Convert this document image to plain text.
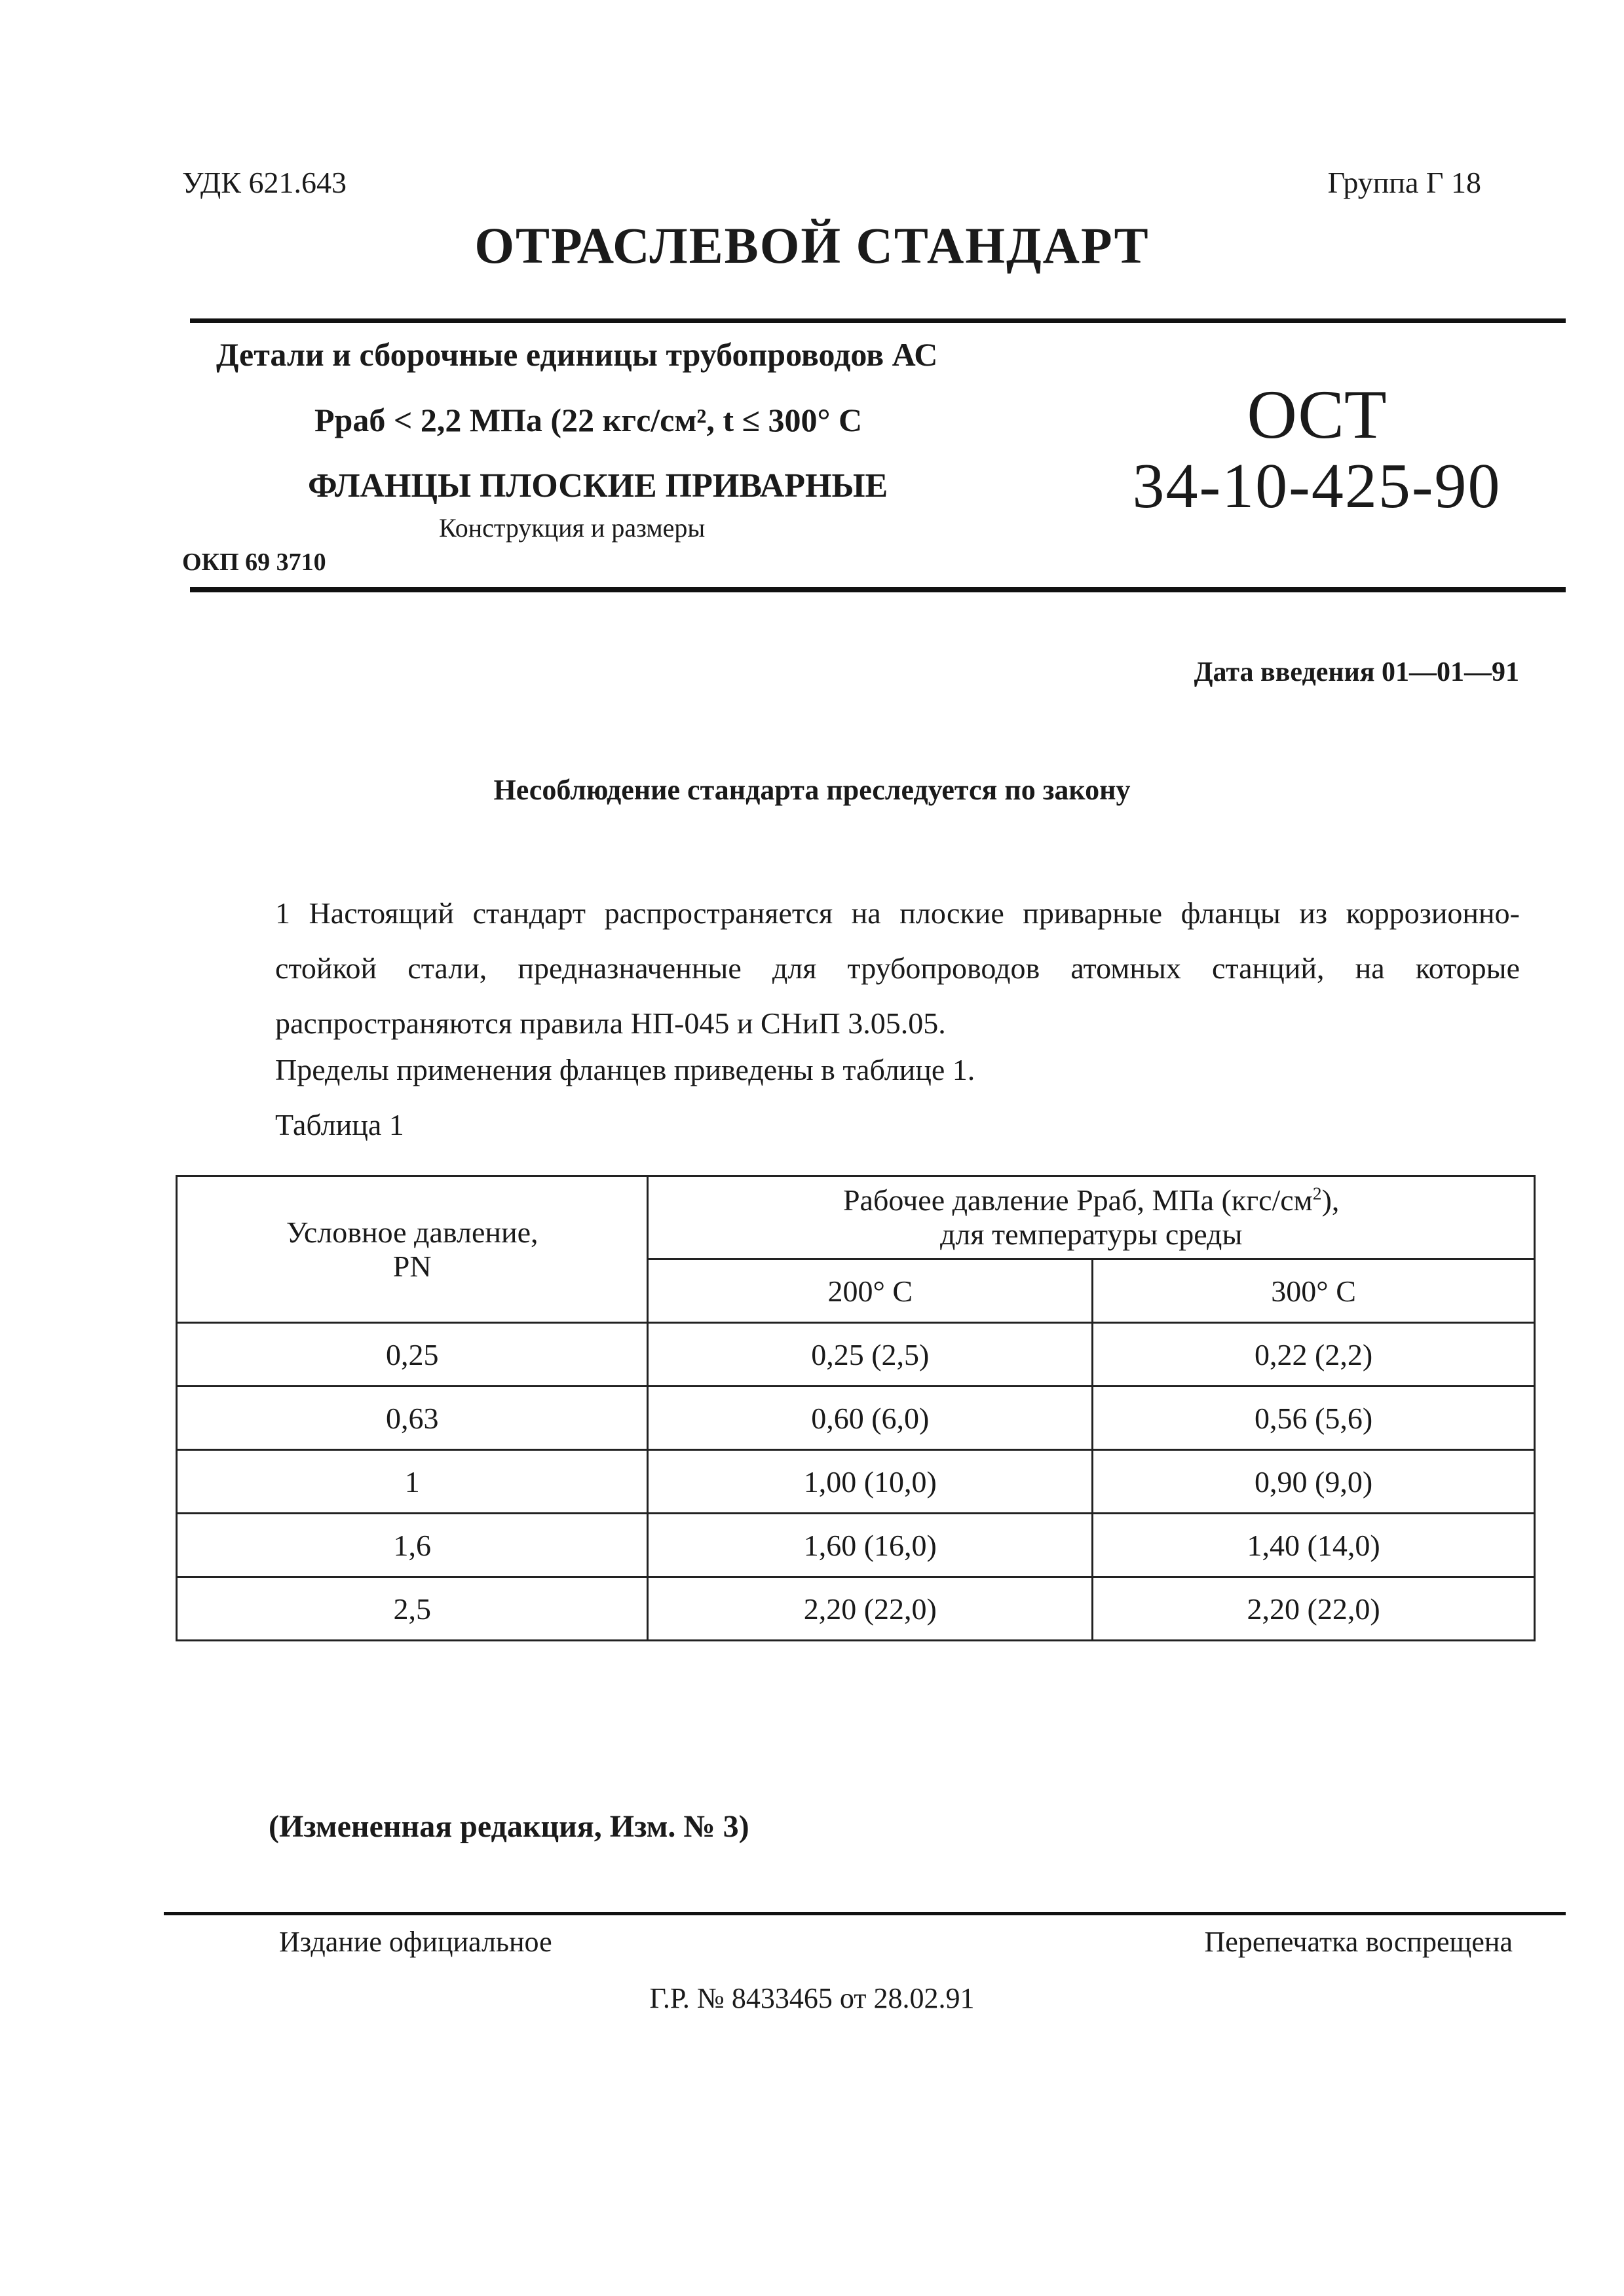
УДК 621.643	Группа Г 18
ОТРАСЛЕВОЙ СТАНДАРТ
Детали и сборочные единицы трубопроводов АС
Рраб < 2,2 МПа (22 кгс/см², t ≤ 300° С
ФЛАНЦЫ ПЛОСКИЕ ПРИВАРНЫЕ
Конструкция и размеры
ОКП 69 3710
ОСТ
34-10-425-90
Дата введения 01—01—91
Несоблюдение стандарта преследуется по закону
1 Настоящий стандарт распространяется на плоские приварные фланцы из коррозионно-стойкой стали, предназначенные для трубопроводов атомных станций, на которые распространяются правила НП-045 и СНиП 3.05.05.
Пределы применения фланцев приведены в таблице 1.
Таблица 1
Условное давление, PN	Рабочее давление Рраб, МПа $(кгс/см^2)$,
для температуры среды	
	200° С	300° С
0,25	0,25 (2,5)	0,22 (2,2)
0,63	0,60 (6,0)	0,56 (5,6)
1	1,00 (10,0)	0,90 (9,0)
1,6	1,60 (16,0)	1,40 (14,0)
2,5	2,20 (22,0)	2,20 (22,0)
(Измененная редакция, Изм. № 3)
Издание официальное	Перепечатка воспрещена
Г.Р. № 8433465 от 28.02.91
